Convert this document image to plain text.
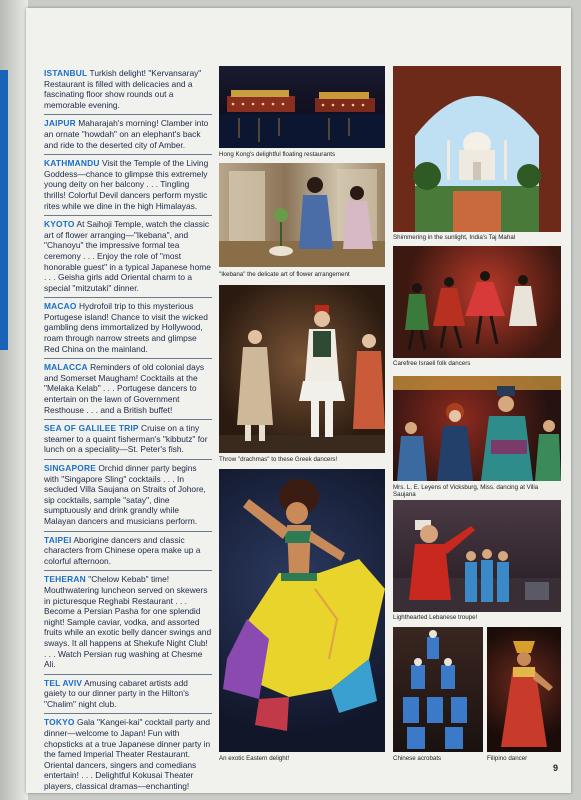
ISTANBUL Turkish delight! "Kervansaray" Restaurant is filled with delicacies and a fascinating floor show rounds out a memorable evening.
JAIPUR Maharajah's morning! Clamber into an ornate "howdah" on an elephant's back and ride to the deserted city of Amber.
KATHMANDU Visit the Temple of the Living Goddess—chance to glimpse this extremely young deity on her balcony . . . Tingling thrills! Colorful Devil dancers perform mystic rites while we dine in the high Himalayas.
KYOTO At Saihoji Temple, watch the classic art of flower arranging—"Ikebana", and "Chanoyu" the impressive formal tea ceremony . . . Enjoy the role of "most honorable guest" in a typical Japanese home . . . Geisha girls add Oriental charm to a special "mitzutaki" dinner.
MACAO Hydrofoil trip to this mysterious Portugese island! Chance to visit the wicked gambling dens immortalized by Hollywood, roam through narrow streets and glimpse Red China on the mainland.
MALACCA Reminders of old colonial days and Somerset Maugham! Cocktails at the "Melaka Kelab" . . . Portugese dancers to entertain on the lawn of Government Resthouse . . . and a British buffet!
SEA OF GALILEE TRIP Cruise on a tiny steamer to a quaint fisherman's "kibbutz" for lunch on a speciality—St. Peter's fish.
SINGAPORE Orchid dinner party begins with "Singapore Sling" cocktails . . . In secluded Villa Saujana on Straits of Johore, sip cocktails, sample "satay", dine sumptuously and drink grandly while Malayan dancers and musicians perform.
TAIPEI Aborigine dancers and classic characters from Chinese opera make up a colorful afternoon.
TEHERAN "Chelow Kebab" time! Mouthwatering luncheon served on skewers in picturesque Reghabi Restaurant . . . Become a Persian Pasha for one splendid night! Sample caviar, vodka, and assorted fruits while an exotic belly dancer swings and sways. It all happens at Shekufe Night Club! . . . Watch Persian rug washing at Chesme Ali.
TEL AVIV Amusing cabaret artists add gaiety to our dinner party in the Hilton's "Chalim" night club.
TOKYO Gala "Kangei-kai" cocktail party and dinner—welcome to Japan! Fun with chopsticks at a true Japanese dinner party in the famed Imperial Theater Restaurant. Oriental dancers, singers and comedians entertain! . . . Delightful Kokusai Theater players, classical dramas—enchanting!
Hong Kong's delightful floating restaurants
Shimmering in the sunlight, India's Taj Mahal
"Ikebana" the delicate art of flower arrangement
Carefree Israeli folk dancers
Throw "drachmas" to these Greek dancers!
Mrs. L. E. Leyens of Vicksburg, Miss. dancing at Villa Saujana
An exotic Eastern delight!
Lighthearted Lebanese troupe!
Chinese acrobats	Filipino dancer
9
